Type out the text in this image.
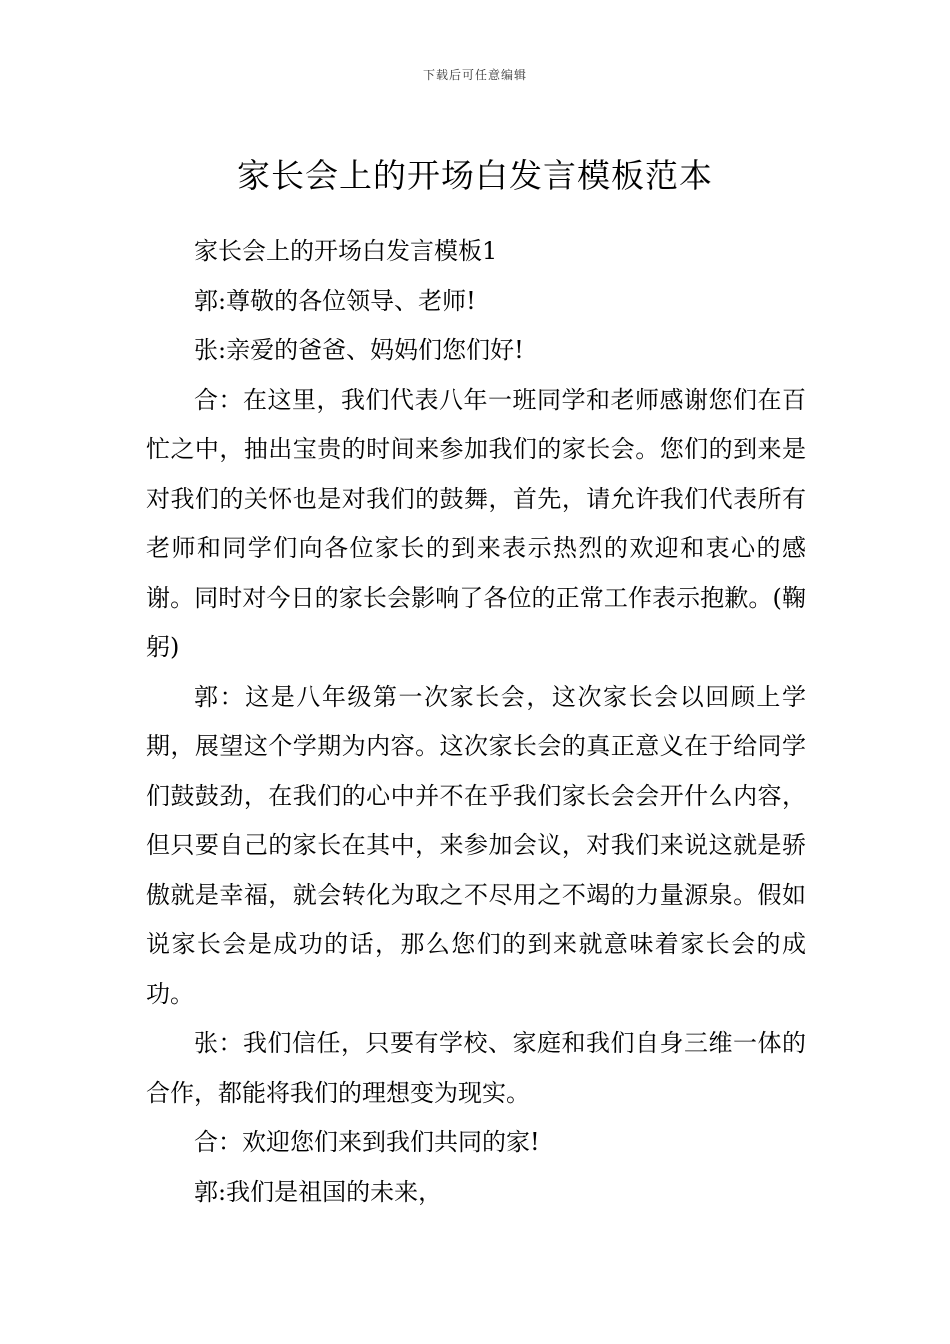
下载后可任意编辑
家长会上的开场白发言模板范本

家长会上的开场白发言模板1

郭:尊敬的各位领导、老师!

张:亲爱的爸爸、妈妈们您们好!

合：在这里，我们代表八年一班同学和老师感谢您们在百忙之中，抽出宝贵的时间来参加我们的家长会。您们的到来是对我们的关怀也是对我们的鼓舞，首先，请允许我们代表所有老师和同学们向各位家长的到来表示热烈的欢迎和衷心的感谢。同时对今日的家长会影响了各位的正常工作表示抱歉。(鞠躬)

郭：这是八年级第一次家长会，这次家长会以回顾上学期，展望这个学期为内容。这次家长会的真正意义在于给同学们鼓鼓劲，在我们的心中并不在乎我们家长会会开什么内容，但只要自己的家长在其中，来参加会议，对我们来说这就是骄傲就是幸福，就会转化为取之不尽用之不竭的力量源泉。假如说家长会是成功的话，那么您们的到来就意味着家长会的成功。

张：我们信任，只要有学校、家庭和我们自身三维一体的合作，都能将我们的理想变为现实。

合：欢迎您们来到我们共同的家!

郭:我们是祖国的未来，
